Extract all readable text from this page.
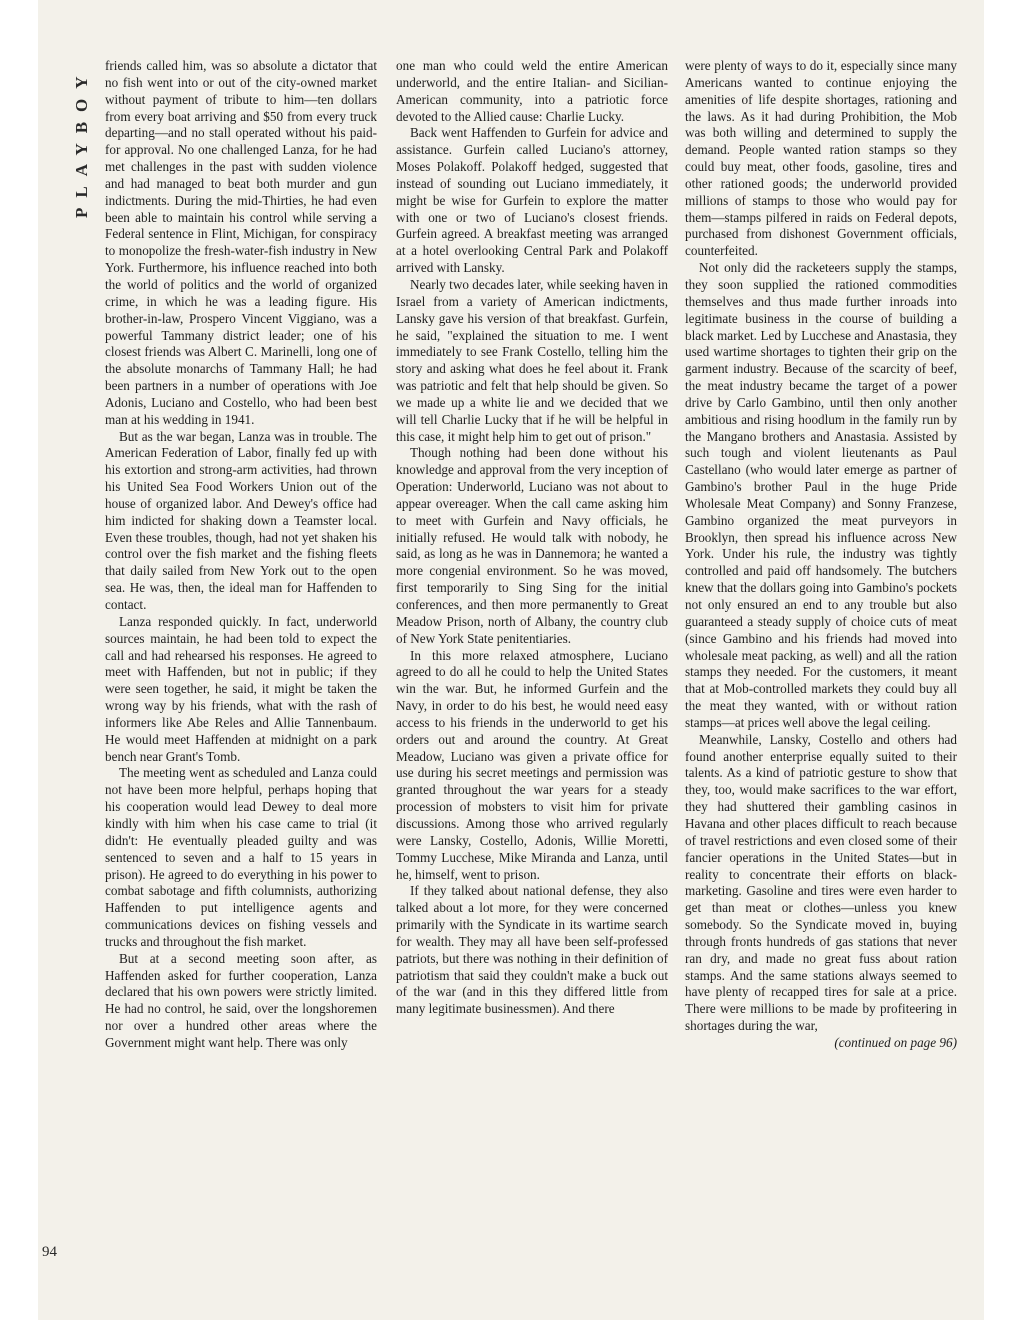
PLAYBOY
94

friends called him, was so absolute a dictator that no fish went into or out of the city-owned market without payment of tribute to him—ten dollars from every boat arriving and $50 from every truck departing—and no stall operated without his paid-for approval. No one challenged Lanza, for he had met challenges in the past with sudden violence and had managed to beat both murder and gun indictments. During the mid-Thirties, he had even been able to maintain his control while serving a Federal sentence in Flint, Michigan, for conspiracy to monopolize the fresh-water-fish industry in New York. Furthermore, his influence reached into both the world of politics and the world of organized crime, in which he was a leading figure. His brother-in-law, Prospero Vincent Viggiano, was a powerful Tammany district leader; one of his closest friends was Albert C. Marinelli, long one of the absolute monarchs of Tammany Hall; he had been partners in a number of operations with Joe Adonis, Luciano and Costello, who had been best man at his wedding in 1941.

But as the war began, Lanza was in trouble. The American Federation of Labor, finally fed up with his extortion and strong-arm activities, had thrown his United Sea Food Workers Union out of the house of organized labor. And Dewey's office had him indicted for shaking down a Teamster local. Even these troubles, though, had not yet shaken his control over the fish market and the fishing fleets that daily sailed from New York out to the open sea. He was, then, the ideal man for Haffenden to contact.

Lanza responded quickly. In fact, underworld sources maintain, he had been told to expect the call and had rehearsed his responses. He agreed to meet with Haffenden, but not in public; if they were seen together, he said, it might be taken the wrong way by his friends, what with the rash of informers like Abe Reles and Allie Tannenbaum. He would meet Haffenden at midnight on a park bench near Grant's Tomb.

The meeting went as scheduled and Lanza could not have been more helpful, perhaps hoping that his cooperation would lead Dewey to deal more kindly with him when his case came to trial (it didn't: He eventually pleaded guilty and was sentenced to seven and a half to 15 years in prison). He agreed to do everything in his power to combat sabotage and fifth columnists, authorizing Haffenden to put intelligence agents and communications devices on fishing vessels and trucks and throughout the fish market.

But at a second meeting soon after, as Haffenden asked for further cooperation, Lanza declared that his own powers were strictly limited. He had no control, he said, over the longshoremen nor over a hundred other areas where the Government might want help. There was only

one man who could weld the entire American underworld, and the entire Italian- and Sicilian-American community, into a patriotic force devoted to the Allied cause: Charlie Lucky.

Back went Haffenden to Gurfein for advice and assistance. Gurfein called Luciano's attorney, Moses Polakoff. Polakoff hedged, suggested that instead of sounding out Luciano immediately, it might be wise for Gurfein to explore the matter with one or two of Luciano's closest friends. Gurfein agreed. A breakfast meeting was arranged at a hotel overlooking Central Park and Polakoff arrived with Lansky.

Nearly two decades later, while seeking haven in Israel from a variety of American indictments, Lansky gave his version of that breakfast. Gurfein, he said, "explained the situation to me. I went immediately to see Frank Costello, telling him the story and asking what does he feel about it. Frank was patriotic and felt that help should be given. So we made up a white lie and we decided that we will tell Charlie Lucky that if he will be helpful in this case, it might help him to get out of prison."

Though nothing had been done without his knowledge and approval from the very inception of Operation: Underworld, Luciano was not about to appear overeager. When the call came asking him to meet with Gurfein and Navy officials, he initially refused. He would talk with nobody, he said, as long as he was in Dannemora; he wanted a more congenial environment. So he was moved, first temporarily to Sing Sing for the initial conferences, and then more permanently to Great Meadow Prison, north of Albany, the country club of New York State penitentiaries.

In this more relaxed atmosphere, Luciano agreed to do all he could to help the United States win the war. But, he informed Gurfein and the Navy, in order to do his best, he would need easy access to his friends in the underworld to get his orders out and around the country. At Great Meadow, Luciano was given a private office for use during his secret meetings and permission was granted throughout the war years for a steady procession of mobsters to visit him for private discussions. Among those who arrived regularly were Lansky, Costello, Adonis, Willie Moretti, Tommy Lucchese, Mike Miranda and Lanza, until he, himself, went to prison.

If they talked about national defense, they also talked about a lot more, for they were concerned primarily with the Syndicate in its wartime search for wealth. They may all have been self-professed patriots, but there was nothing in their definition of patriotism that said they couldn't make a buck out of the war (and in this they differed little from many legitimate businessmen). And there

were plenty of ways to do it, especially since many Americans wanted to continue enjoying the amenities of life despite shortages, rationing and the laws. As it had during Prohibition, the Mob was both willing and determined to supply the demand. People wanted ration stamps so they could buy meat, other foods, gasoline, tires and other rationed goods; the underworld provided millions of stamps to those who would pay for them—stamps pilfered in raids on Federal depots, purchased from dishonest Government officials, counterfeited.

Not only did the racketeers supply the stamps, they soon supplied the rationed commodities themselves and thus made further inroads into legitimate business in the course of building a black market. Led by Lucchese and Anastasia, they used wartime shortages to tighten their grip on the garment industry. Because of the scarcity of beef, the meat industry became the target of a power drive by Carlo Gambino, until then only another ambitious and rising hoodlum in the family run by the Mangano brothers and Anastasia. Assisted by such tough and violent lieutenants as Paul Castellano (who would later emerge as partner of Gambino's brother Paul in the huge Pride Wholesale Meat Company) and Sonny Franzese, Gambino organized the meat purveyors in Brooklyn, then spread his influence across New York. Under his rule, the industry was tightly controlled and paid off handsomely. The butchers knew that the dollars going into Gambino's pockets not only ensured an end to any trouble but also guaranteed a steady supply of choice cuts of meat (since Gambino and his friends had moved into wholesale meat packing, as well) and all the ration stamps they needed. For the customers, it meant that at Mob-controlled markets they could buy all the meat they wanted, with or without ration stamps—at prices well above the legal ceiling.

Meanwhile, Lansky, Costello and others had found another enterprise equally suited to their talents. As a kind of patriotic gesture to show that they, too, would make sacrifices to the war effort, they had shuttered their gambling casinos in Havana and other places difficult to reach because of travel restrictions and even closed some of their fancier operations in the United States—but in reality to concentrate their efforts on black-marketing. Gasoline and tires were even harder to get than meat or clothes—unless you knew somebody. So the Syndicate moved in, buying through fronts hundreds of gas stations that never ran dry, and made no great fuss about ration stamps. And the same stations always seemed to have plenty of recapped tires for sale at a price. There were millions to be made by profiteering in shortages during the war,

(continued on page 96)
